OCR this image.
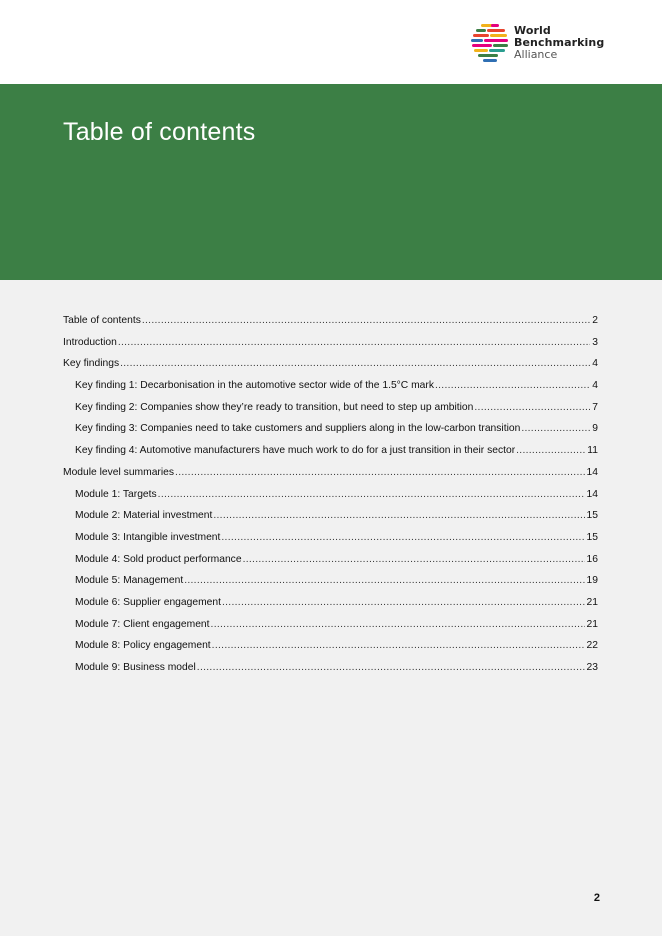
World
Benchmarking
Alliance
Table of contents
Table of contents .....	2
Introduction .....	3
Key findings .....	4
Key finding 1: Decarbonisation in the automotive sector wide of the 1.5°C mark .....	4
Key finding 2: Companies show they’re ready to transition, but need to step up ambition .....	7
Key finding 3: Companies need to take customers and suppliers along in the low-carbon transition .....	9
Key finding 4: Automotive manufacturers have much work to do for a just transition in their sector .....	11
Module level summaries .....	14
Module 1: Targets .....	14
Module 2: Material investment .....	15
Module 3: Intangible investment .....	15
Module 4: Sold product performance .....	16
Module 5: Management .....	19
Module 6: Supplier engagement .....	21
Module 7: Client engagement .....	21
Module 8: Policy engagement .....	22
Module 9: Business model .....	23
2
